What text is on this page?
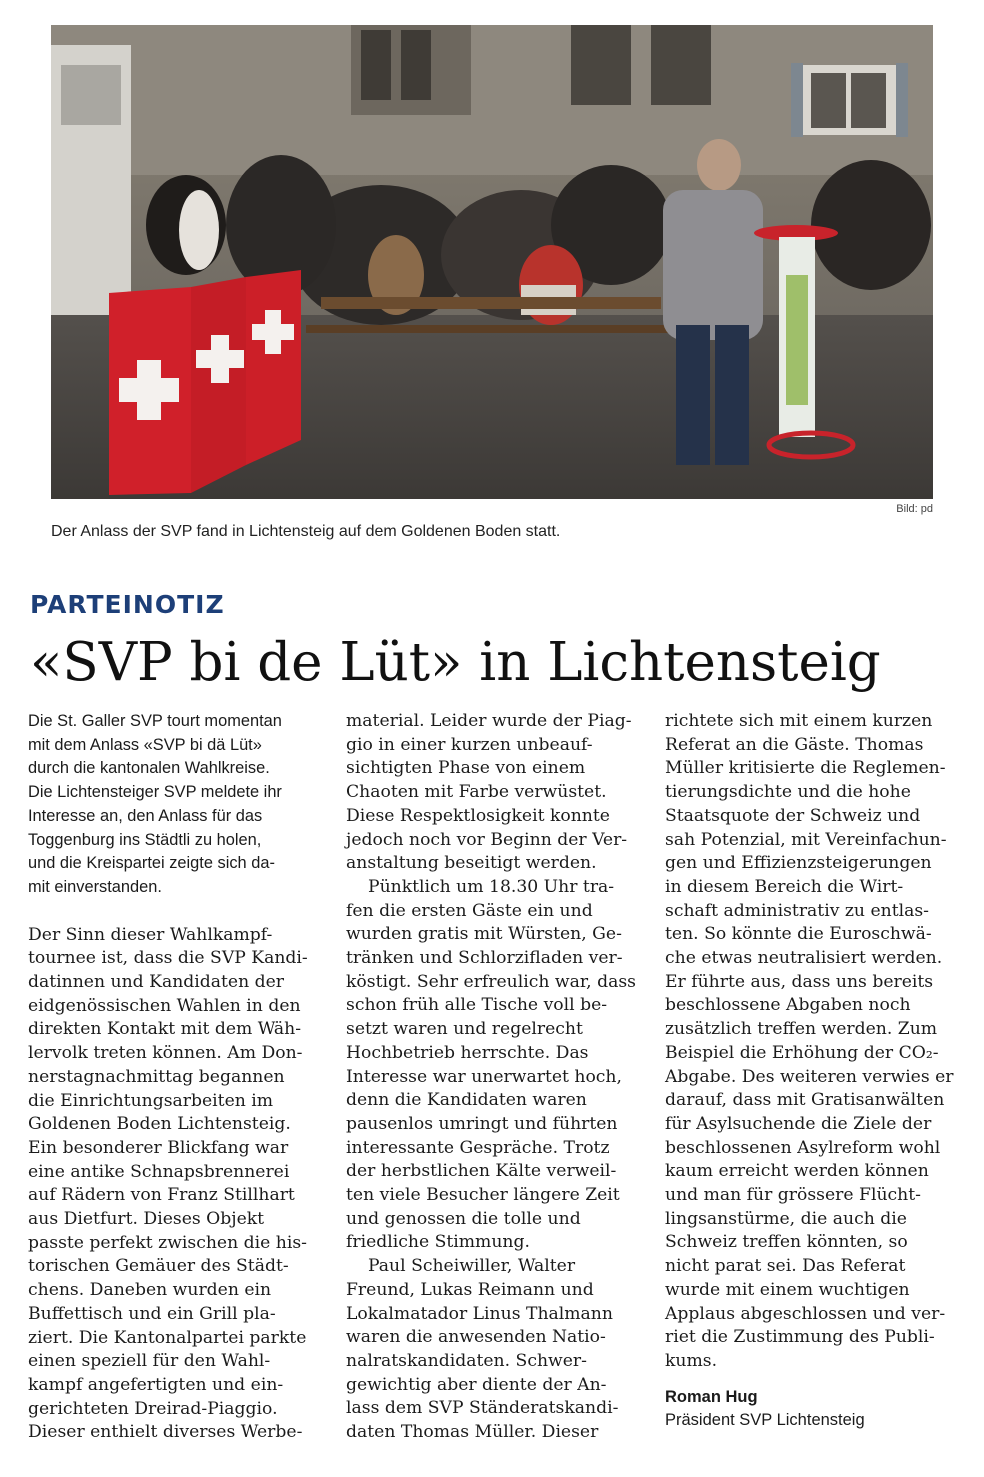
Bild: pd
Der Anlass der SVP fand in Lichtensteig auf dem Goldenen Boden statt.
PARTEINOTIZ
«SVP bi de Lüt» in Lichtensteig

Die St. Galler SVP tourt momentan
mit dem Anlass «SVP bi dä Lüt»
durch die kantonalen Wahlkreise.
Die Lichtensteiger SVP meldete ihr
Interesse an, den Anlass für das
Toggenburg ins Städtli zu holen,
und die Kreispartei zeigte sich da-
mit einverstanden.

Der Sinn dieser Wahlkampf-
tournee ist, dass die SVP Kandi-
datinnen und Kandidaten der
eidgenössischen Wahlen in den
direkten Kontakt mit dem Wäh-
lervolk treten können. Am Don-
nerstagnachmittag begannen
die Einrichtungsarbeiten im
Goldenen Boden Lichtensteig.
Ein besonderer Blickfang war
eine antike Schnapsbrennerei
auf Rädern von Franz Stillhart
aus Dietfurt. Dieses Objekt
passte perfekt zwischen die his-
torischen Gemäuer des Städt-
chens. Daneben wurden ein
Buffettisch und ein Grill pla-
ziert. Die Kantonalpartei parkte
einen speziell für den Wahl-
kampf angefertigten und ein-
gerichteten Dreirad-Piaggio.
Dieser enthielt diverses Werbe-

material. Leider wurde der Piag-
gio in einer kurzen unbeauf-
sichtigten Phase von einem
Chaoten mit Farbe verwüstet.
Diese Respektlosigkeit konnte
jedoch noch vor Beginn der Ver-
anstaltung beseitigt werden.

Pünktlich um 18.30 Uhr tra-
fen die ersten Gäste ein und
wurden gratis mit Würsten, Ge-
tränken und Schlorzifladen ver-
köstigt. Sehr erfreulich war, dass
schon früh alle Tische voll be-
setzt waren und regelrecht
Hochbetrieb herrschte. Das
Interesse war unerwartet hoch,
denn die Kandidaten waren
pausenlos umringt und führten
interessante Gespräche. Trotz
der herbstlichen Kälte verweil-
ten viele Besucher längere Zeit
und genossen die tolle und
friedliche Stimmung.

Paul Scheiwiller, Walter
Freund, Lukas Reimann und
Lokalmatador Linus Thalmann
waren die anwesenden Natio-
nalratskandidaten. Schwer-
gewichtig aber diente der An-
lass dem SVP Ständeratskandi-
daten Thomas Müller. Dieser

richtete sich mit einem kurzen
Referat an die Gäste. Thomas
Müller kritisierte die Reglemen-
tierungsdichte und die hohe
Staatsquote der Schweiz und
sah Potenzial, mit Vereinfachun-
gen und Effizienzsteigerungen
in diesem Bereich die Wirt-
schaft administrativ zu entlas-
ten. So könnte die Euroschwä-
che etwas neutralisiert werden.
Er führte aus, dass uns bereits
beschlossene Abgaben noch
zusätzlich treffen werden. Zum
Beispiel die Erhöhung der CO₂-
Abgabe. Des weiteren verwies er
darauf, dass mit Gratisanwälten
für Asylsuchende die Ziele der
beschlossenen Asylreform wohl
kaum erreicht werden können
und man für grössere Flücht-
lingsanstürme, die auch die
Schweiz treffen könnten, so
nicht parat sei. Das Referat
wurde mit einem wuchtigen
Applaus abgeschlossen und ver-
riet die Zustimmung des Publi-
kums.

Roman Hug
Präsident SVP Lichtensteig
